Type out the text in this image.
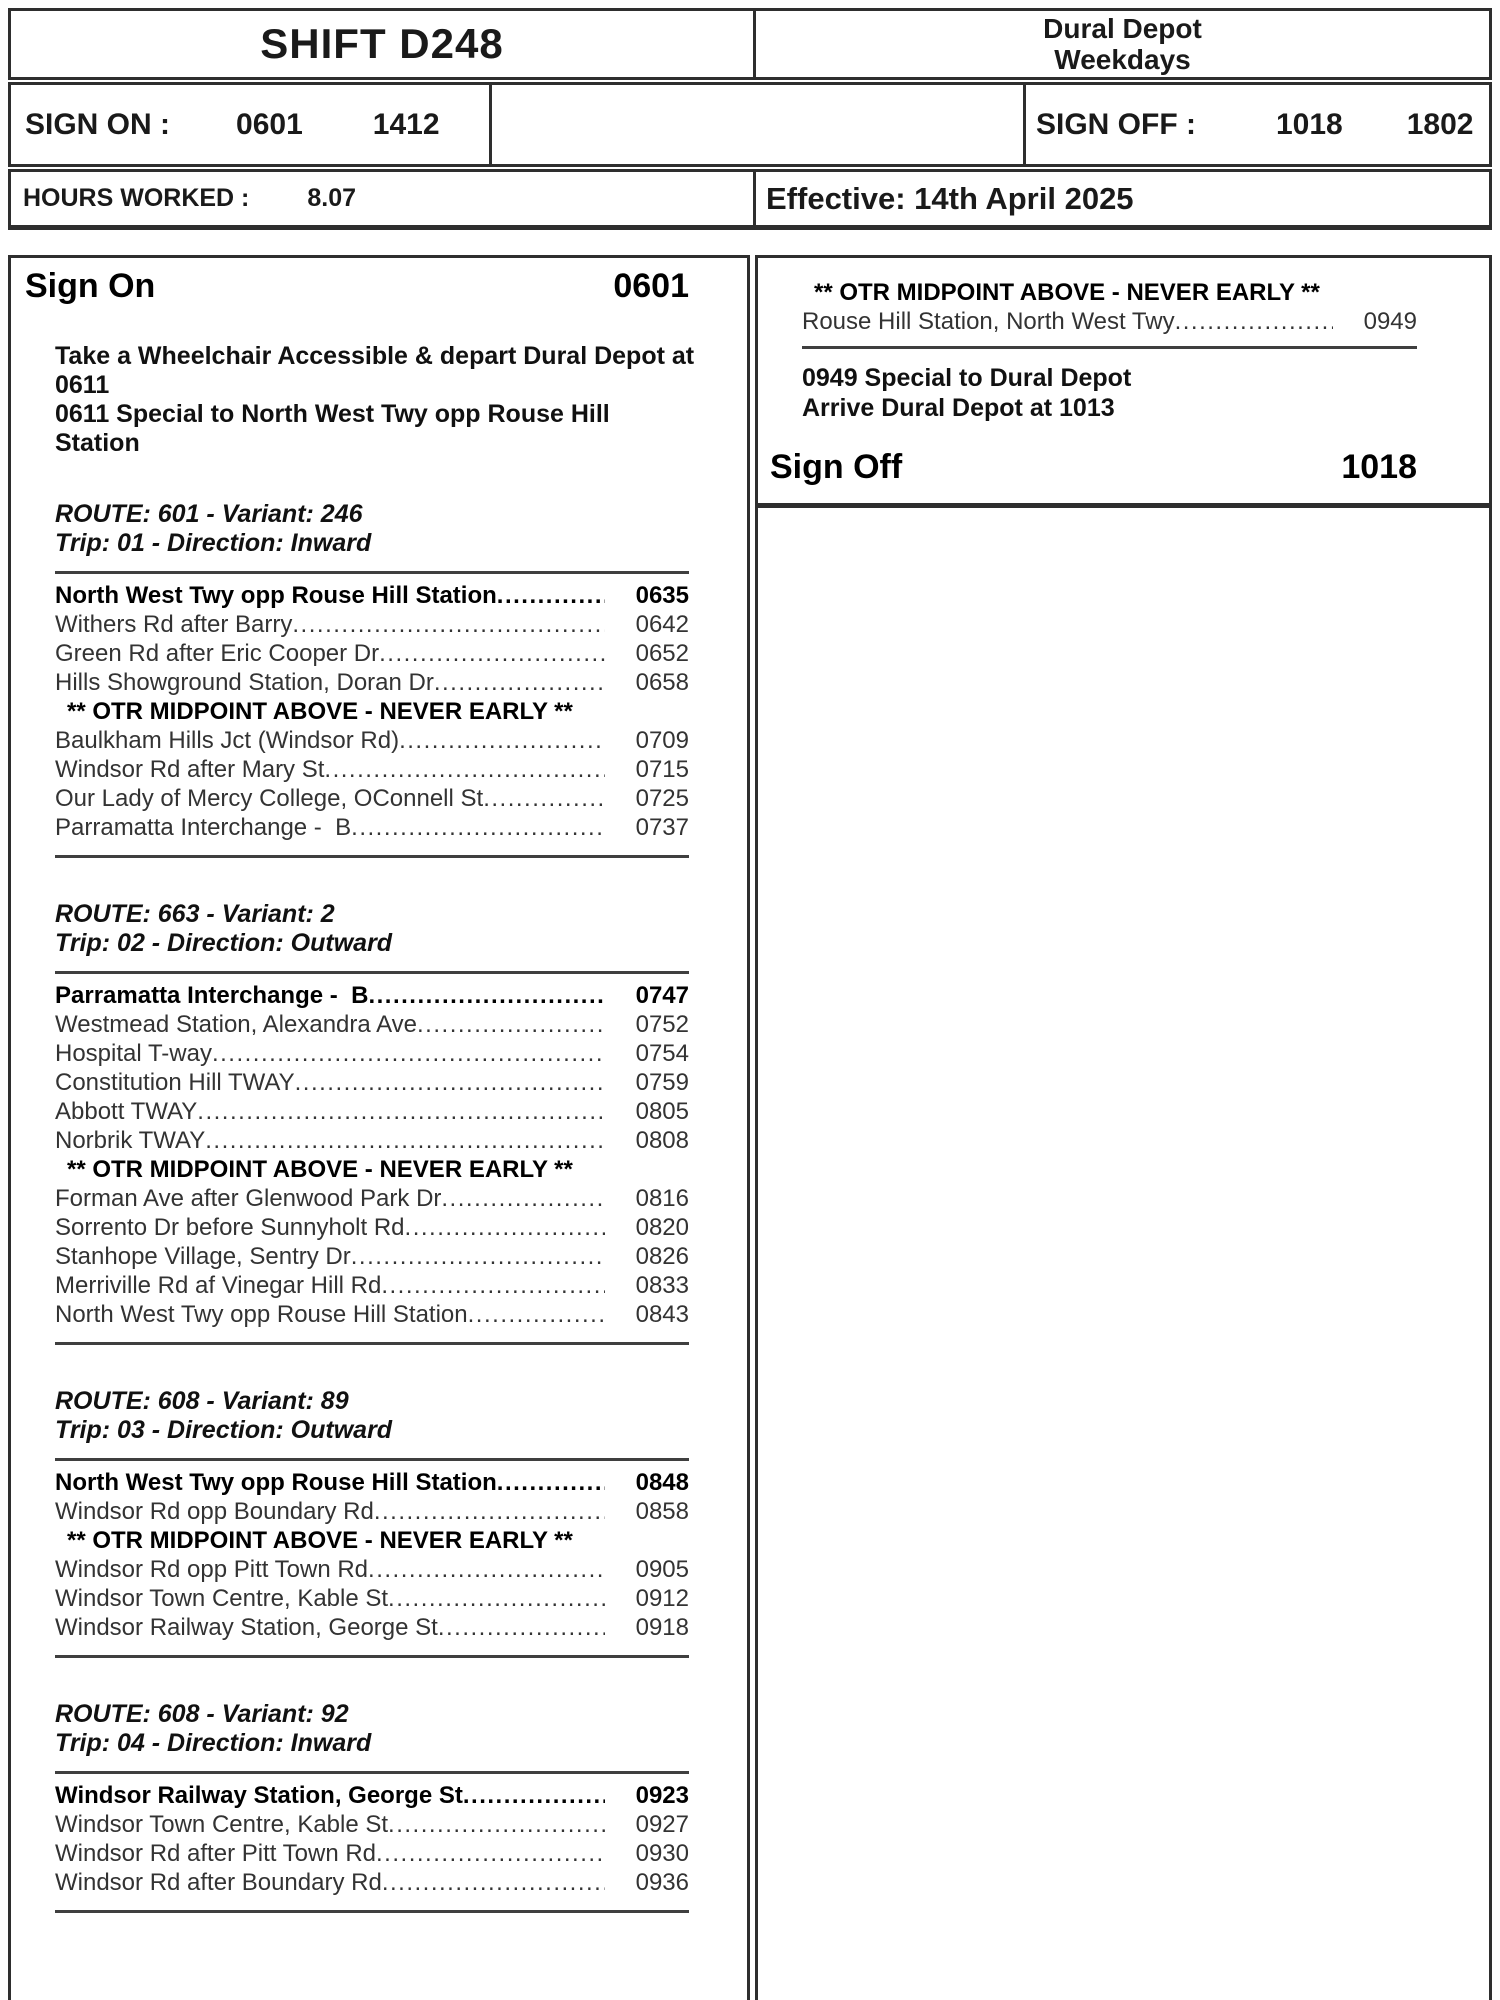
SHIFT D248	Dural Depot
Weekdays
SIGN ON : 0601 1412	SIGN OFF :	1018 1802
HOURS WORKED : 8.07	Effective: 14th April 2025
Sign On	0601
Take a Wheelchair Accessible & depart Dural Depot at
0611
0611 Special to North West Twy opp Rouse Hill
Station
ROUTE: 601 - Variant: 246
Trip: 01 - Direction: Inward
North West Twy opp Rouse Hill Station .....	0635
Withers Rd after Barry .....	0642
Green Rd after Eric Cooper Dr .....	0652
Hills Showground Station, Doran Dr .....	0658
** OTR MIDPOINT ABOVE - NEVER EARLY **
Baulkham Hills Jct (Windsor Rd) .....	0709
Windsor Rd after Mary St .....	0715
Our Lady of Mercy College, OConnell St .....	0725
Parramatta Interchange -  B .....	0737
ROUTE: 663 - Variant: 2
Trip: 02 - Direction: Outward
Parramatta Interchange -  B .....	0747
Westmead Station, Alexandra Ave .....	0752
Hospital T-way .....	0754
Constitution Hill TWAY .....	0759
Abbott TWAY .....	0805
Norbrik TWAY .....	0808
** OTR MIDPOINT ABOVE - NEVER EARLY **
Forman Ave after Glenwood Park Dr .....	0816
Sorrento Dr before Sunnyholt Rd .....	0820
Stanhope Village, Sentry Dr .....	0826
Merriville Rd af Vinegar Hill Rd .....	0833
North West Twy opp Rouse Hill Station .....	0843
ROUTE: 608 - Variant: 89
Trip: 03 - Direction: Outward
North West Twy opp Rouse Hill Station .....	0848
Windsor Rd opp Boundary Rd .....	0858
** OTR MIDPOINT ABOVE - NEVER EARLY **
Windsor Rd opp Pitt Town Rd .....	0905
Windsor Town Centre, Kable St .....	0912
Windsor Railway Station, George St .....	0918
ROUTE: 608 - Variant: 92
Trip: 04 - Direction: Inward
Windsor Railway Station, George St .....	0923
Windsor Town Centre, Kable St .....	0927
Windsor Rd after Pitt Town Rd .....	0930
Windsor Rd after Boundary Rd .....	0936
** OTR MIDPOINT ABOVE - NEVER EARLY **
Rouse Hill Station, North West Twy .....	0949
0949 Special to Dural Depot
Arrive Dural Depot at 1013
Sign Off	1018
